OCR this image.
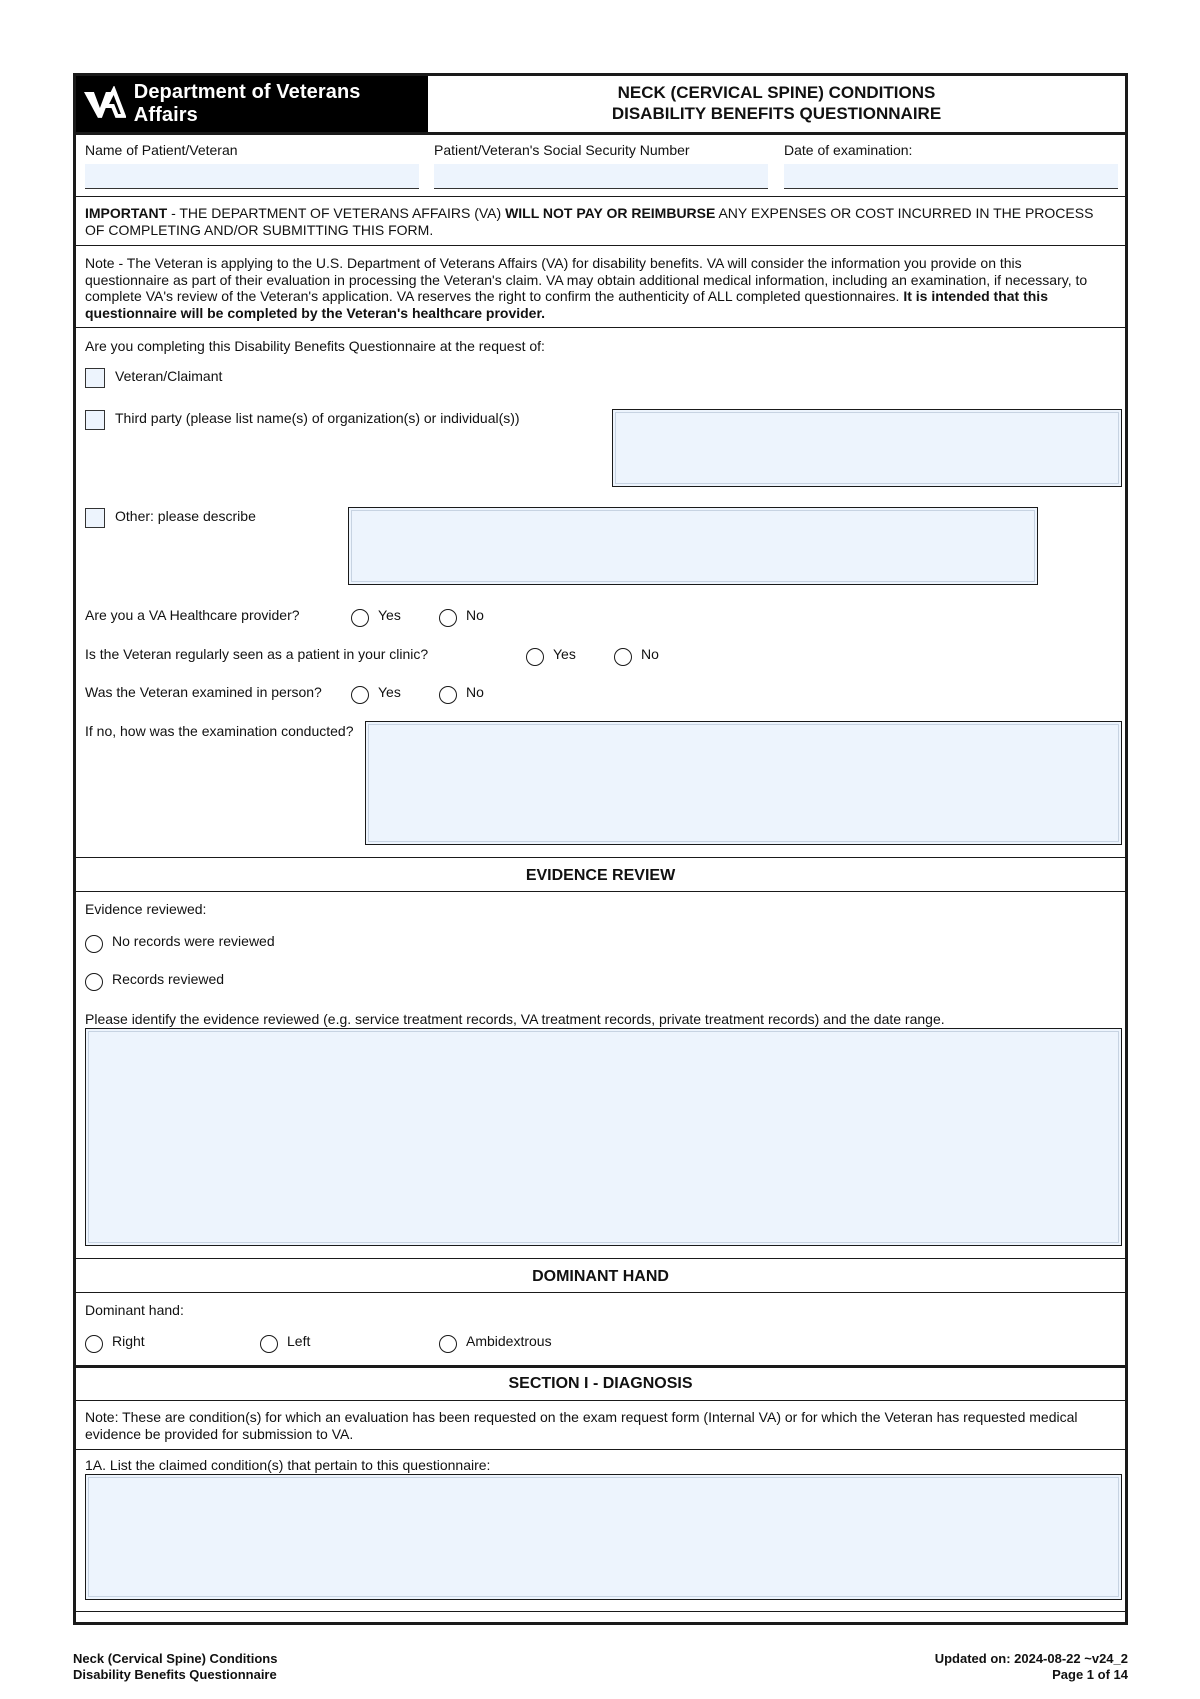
Department of Veterans Affairs
NECK (CERVICAL SPINE) CONDITIONS
DISABILITY BENEFITS QUESTIONNAIRE
Name of Patient/Veteran	Patient/Veteran's Social Security Number	Date of examination:
IMPORTANT - THE DEPARTMENT OF VETERANS AFFAIRS (VA) WILL NOT PAY OR REIMBURSE ANY EXPENSES OR COST INCURRED IN THE PROCESS OF COMPLETING AND/OR SUBMITTING THIS FORM.
Note - The Veteran is applying to the U.S. Department of Veterans Affairs (VA) for disability benefits. VA will consider the information you provide on this questionnaire as part of their evaluation in processing the Veteran's claim. VA may obtain additional medical information, including an examination, if necessary, to complete VA's review of the Veteran's application. VA reserves the right to confirm the authenticity of ALL completed questionnaires. It is intended that this questionnaire will be completed by the Veteran's healthcare provider.
Are you completing this Disability Benefits Questionnaire at the request of:
Veteran/Claimant
Third party (please list name(s) of organization(s) or individual(s))
Other: please describe
Are you a VA Healthcare provider?	Yes	No
Is the Veteran regularly seen as a patient in your clinic?	Yes	No
Was the Veteran examined in person?	Yes	No
If no, how was the examination conducted?
EVIDENCE REVIEW
Evidence reviewed:
No records were reviewed
Records reviewed
Please identify the evidence reviewed (e.g. service treatment records, VA treatment records, private treatment records) and the date range.
DOMINANT HAND
Dominant hand:
Right	Left	Ambidextrous
SECTION I - DIAGNOSIS
Note: These are condition(s) for which an evaluation has been requested on the exam request form (Internal VA) or for which the Veteran has requested medical evidence be provided for submission to VA.
1A. List the claimed condition(s) that pertain to this questionnaire:
Neck (Cervical Spine) Conditions
Disability Benefits Questionnaire
Updated on: 2024-08-22 ~v24_2
Page 1 of 14
